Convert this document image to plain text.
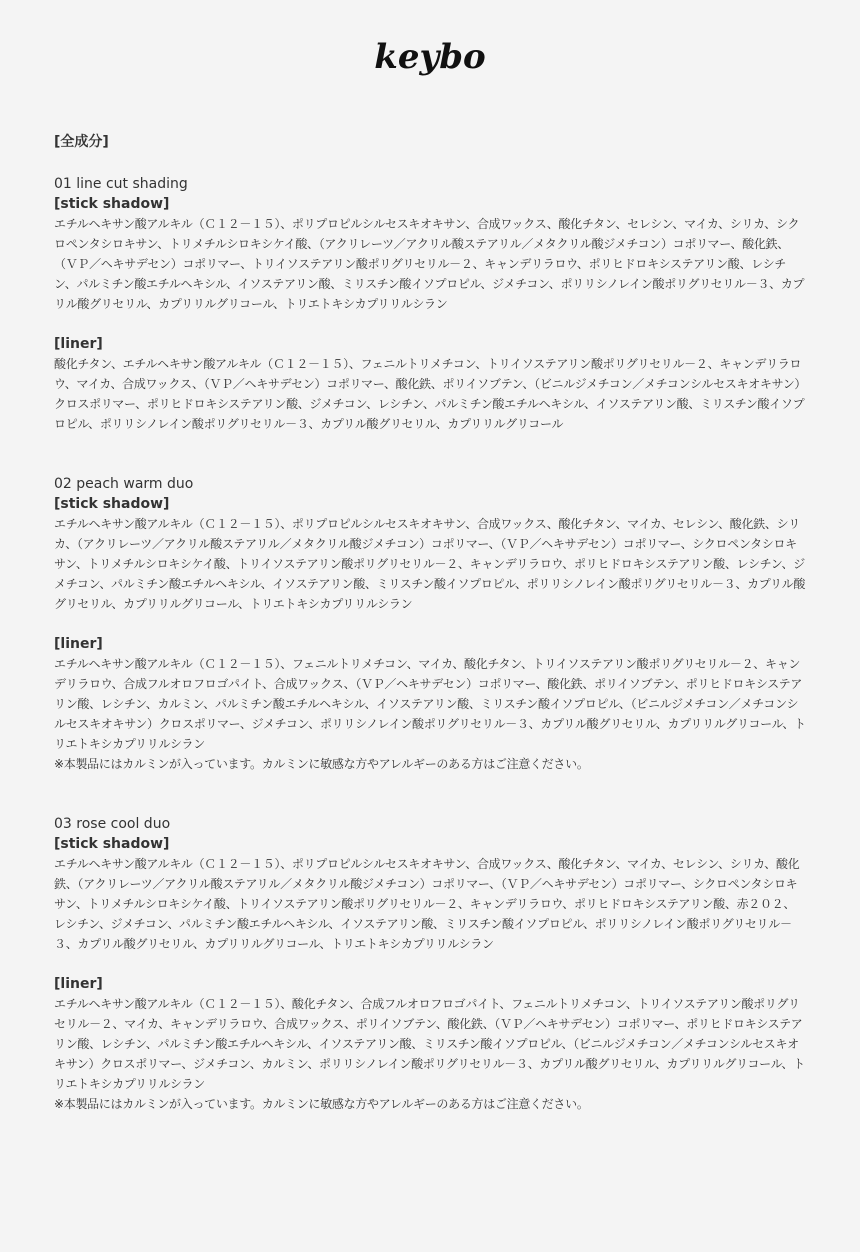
keybo
[全成分]
01 line cut shading
[stick shadow]

エチルヘキサン酸アルキル（Ｃ１２－１５）、ポリプロピルシルセスキオキサン、合成ワックス、酸化チタン、セレシン、マイカ、シリカ、シクロペンタシロキサン、トリメチルシロキシケイ酸、（アクリレーツ／アクリル酸ステアリル／メタクリル酸ジメチコン）コポリマー、酸化鉄、（ＶＰ／ヘキサデセン）コポリマー、トリイソステアリン酸ポリグリセリル－２、キャンデリラロウ、ポリヒドロキシステアリン酸、レシチン、パルミチン酸エチルヘキシル、イソステアリン酸、ミリスチン酸イソプロピル、ジメチコン、ポリリシノレイン酸ポリグリセリル－３、カプリル酸グリセリル、カプリリルグリコール、トリエトキシカプリリルシラン

[liner]

酸化チタン、エチルヘキサン酸アルキル（Ｃ１２－１５）、フェニルトリメチコン、トリイソステアリン酸ポリグリセリル－２、キャンデリラロウ、マイカ、合成ワックス、（ＶＰ／ヘキサデセン）コポリマー、酸化鉄、ポリイソブテン、（ビニルジメチコン／メチコンシルセスキオキサン）クロスポリマー、ポリヒドロキシステアリン酸、ジメチコン、レシチン、パルミチン酸エチルヘキシル、イソステアリン酸、ミリスチン酸イソプロピル、ポリリシノレイン酸ポリグリセリル－３、カプリル酸グリセリル、カプリリルグリコール

02 peach warm duo
[stick shadow]

エチルヘキサン酸アルキル（Ｃ１２－１５）、ポリプロピルシルセスキオキサン、合成ワックス、酸化チタン、マイカ、セレシン、酸化鉄、シリカ、（アクリレーツ／アクリル酸ステアリル／メタクリル酸ジメチコン）コポリマー、（ＶＰ／ヘキサデセン）コポリマー、シクロペンタシロキサン、トリメチルシロキシケイ酸、トリイソステアリン酸ポリグリセリル－２、キャンデリラロウ、ポリヒドロキシステアリン酸、レシチン、ジメチコン、パルミチン酸エチルヘキシル、イソステアリン酸、ミリスチン酸イソプロピル、ポリリシノレイン酸ポリグリセリル－３、カプリル酸グリセリル、カプリリルグリコール、トリエトキシカプリリルシラン

[liner]

エチルヘキサン酸アルキル（Ｃ１２－１５）、フェニルトリメチコン、マイカ、酸化チタン、トリイソステアリン酸ポリグリセリル－２、キャンデリラロウ、合成フルオロフロゴパイト、合成ワックス、（ＶＰ／ヘキサデセン）コポリマー、酸化鉄、ポリイソブテン、ポリヒドロキシステアリン酸、レシチン、カルミン、パルミチン酸エチルヘキシル、イソステアリン酸、ミリスチン酸イソプロピル、（ビニルジメチコン／メチコンシルセスキオキサン）クロスポリマー、ジメチコン、ポリリシノレイン酸ポリグリセリル－３、カプリル酸グリセリル、カプリリルグリコール、トリエトキシカプリリルシラン

※本製品にはカルミンが入っています。カルミンに敏感な方やアレルギーのある方はご注意ください。

03 rose cool duo
[stick shadow]

エチルヘキサン酸アルキル（Ｃ１２－１５）、ポリプロピルシルセスキオキサン、合成ワックス、酸化チタン、マイカ、セレシン、シリカ、酸化鉄、（アクリレーツ／アクリル酸ステアリル／メタクリル酸ジメチコン）コポリマー、（ＶＰ／ヘキサデセン）コポリマー、シクロペンタシロキサン、トリメチルシロキシケイ酸、トリイソステアリン酸ポリグリセリル－２、キャンデリラロウ、ポリヒドロキシステアリン酸、赤２０２、レシチン、ジメチコン、パルミチン酸エチルヘキシル、イソステアリン酸、ミリスチン酸イソプロピル、ポリリシノレイン酸ポリグリセリル－３、カプリル酸グリセリル、カプリリルグリコール、トリエトキシカプリリルシラン

[liner]

エチルヘキサン酸アルキル（Ｃ１２－１５）、酸化チタン、合成フルオロフロゴパイト、フェニルトリメチコン、トリイソステアリン酸ポリグリセリル－２、マイカ、キャンデリラロウ、合成ワックス、ポリイソブテン、酸化鉄、（ＶＰ／ヘキサデセン）コポリマー、ポリヒドロキシステアリン酸、レシチン、パルミチン酸エチルヘキシル、イソステアリン酸、ミリスチン酸イソプロピル、（ビニルジメチコン／メチコンシルセスキオキサン）クロスポリマー、ジメチコン、カルミン、ポリリシノレイン酸ポリグリセリル－３、カプリル酸グリセリル、カプリリルグリコール、トリエトキシカプリリルシラン

※本製品にはカルミンが入っています。カルミンに敏感な方やアレルギーのある方はご注意ください。
